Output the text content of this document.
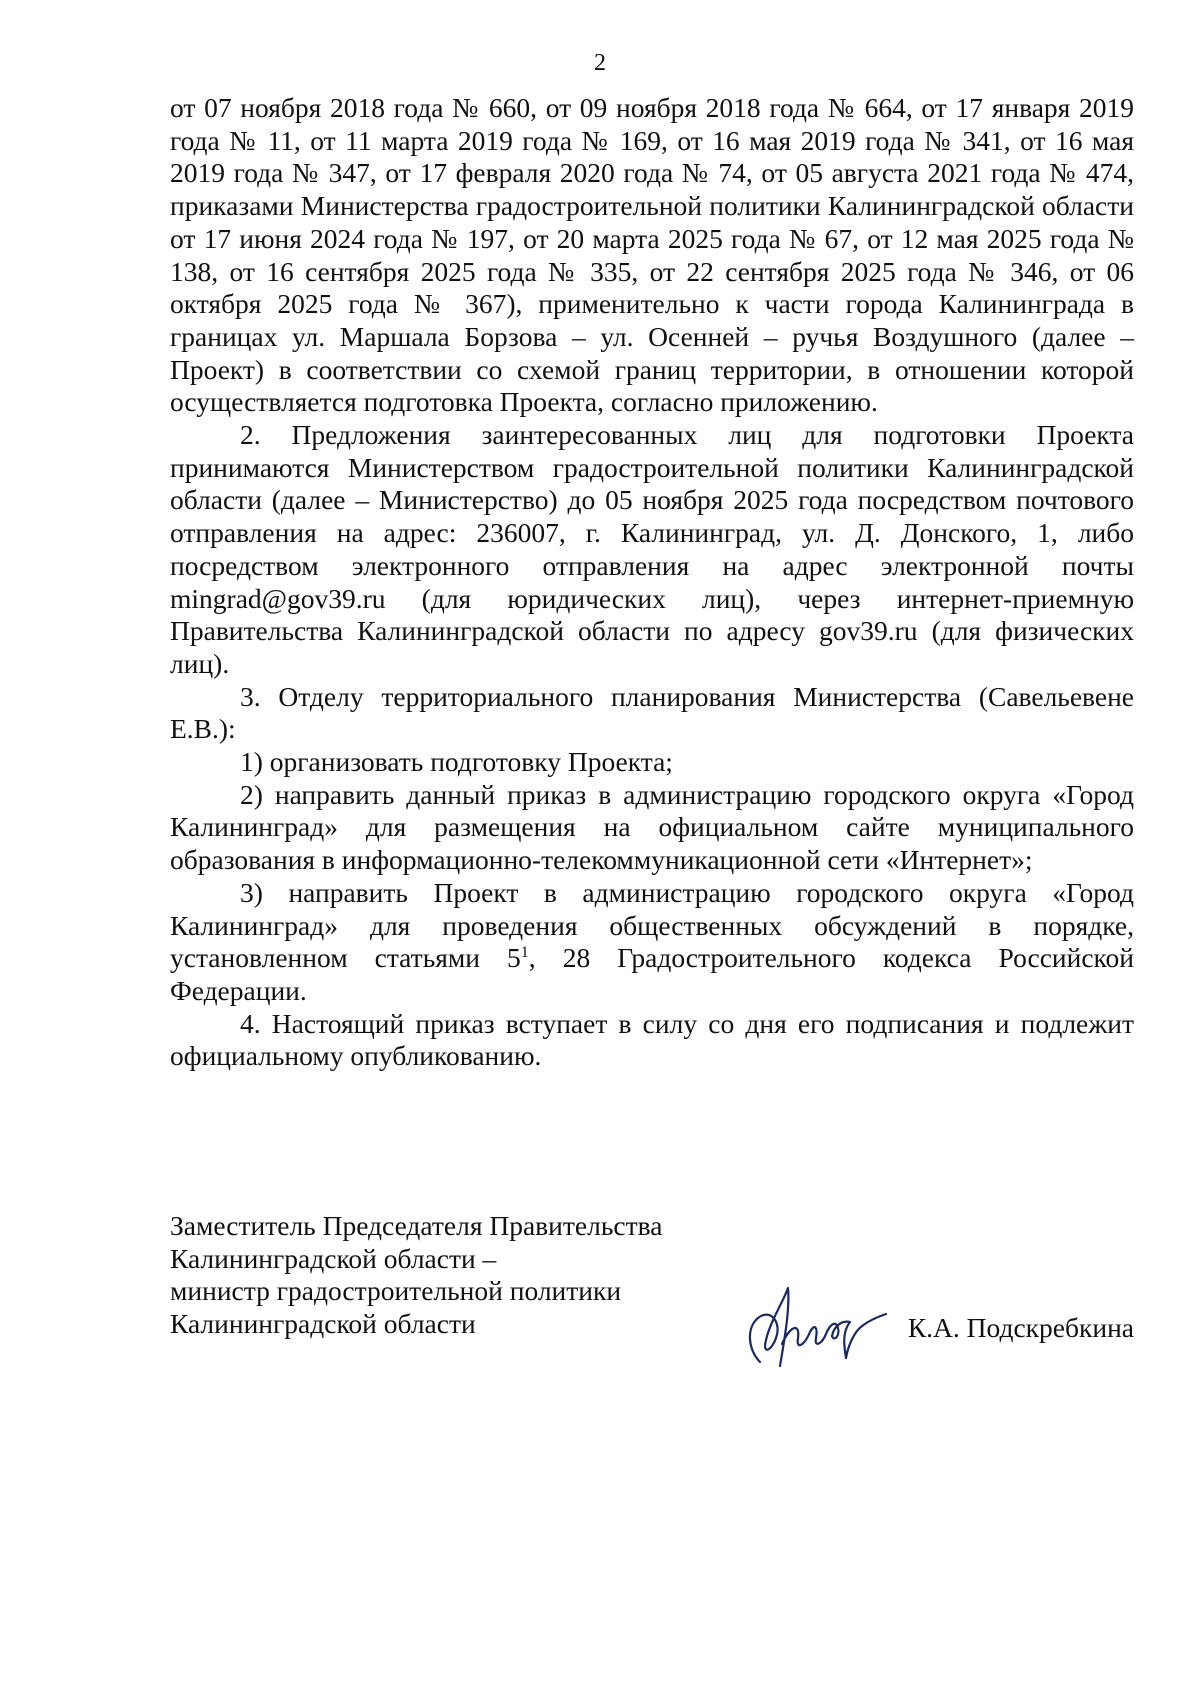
2

от 07 ноября 2018 года № 660, от 09 ноября 2018 года № 664, от 17 января 2019 года № 11, от 11 марта 2019 года № 169, от 16 мая 2019 года № 341, от 16 мая 2019 года № 347, от 17 февраля 2020 года № 74, от 05 августа 2021 года № 474, приказами Министерства градостроительной политики Калининградской области от 17 июня 2024 года № 197, от 20 марта 2025 года № 67, от 12 мая 2025 года № 138, от 16 сентября 2025 года № 335, от 22 сентября 2025 года № 346, от 06 октября 2025 года № 367), применительно к части города Калининграда в границах ул. Маршала Борзова – ул. Осенней – ручья Воздушного (далее – Проект) в соответствии со схемой границ территории, в отношении которой осуществляется подготовка Проекта, согласно приложению.

2. Предложения заинтересованных лиц для подготовки Проекта принимаются Министерством градостроительной политики Калининградской области (далее – Министерство) до 05 ноября 2025 года посредством почтового отправления на адрес: 236007, г. Калининград, ул. Д. Донского, 1, либо посредством электронного отправления на адрес электронной почты mingrad@gov39.ru (для юридических лиц), через интернет-приемную Правительства Калининградской области по адресу gov39.ru (для физических лиц).

3. Отделу территориального планирования Министерства (Савельевене Е.В.):

1) организовать подготовку Проекта;

2) направить данный приказ в администрацию городского округа «Город Калининград» для размещения на официальном сайте муниципального образования в информационно-телекоммуникационной сети «Интернет»;

3) направить Проект в администрацию городского округа «Город Калининград» для проведения общественных обсуждений в порядке, установленном статьями $5^1$, 28 Градостроительного кодекса Российской Федерации.

4. Настоящий приказ вступает в силу со дня его подписания и подлежит официальному опубликованию.

Заместитель Председателя Правительства
Калининградской области –
министр градостроительной политики
Калининградской области	К.А. Подскребкина
